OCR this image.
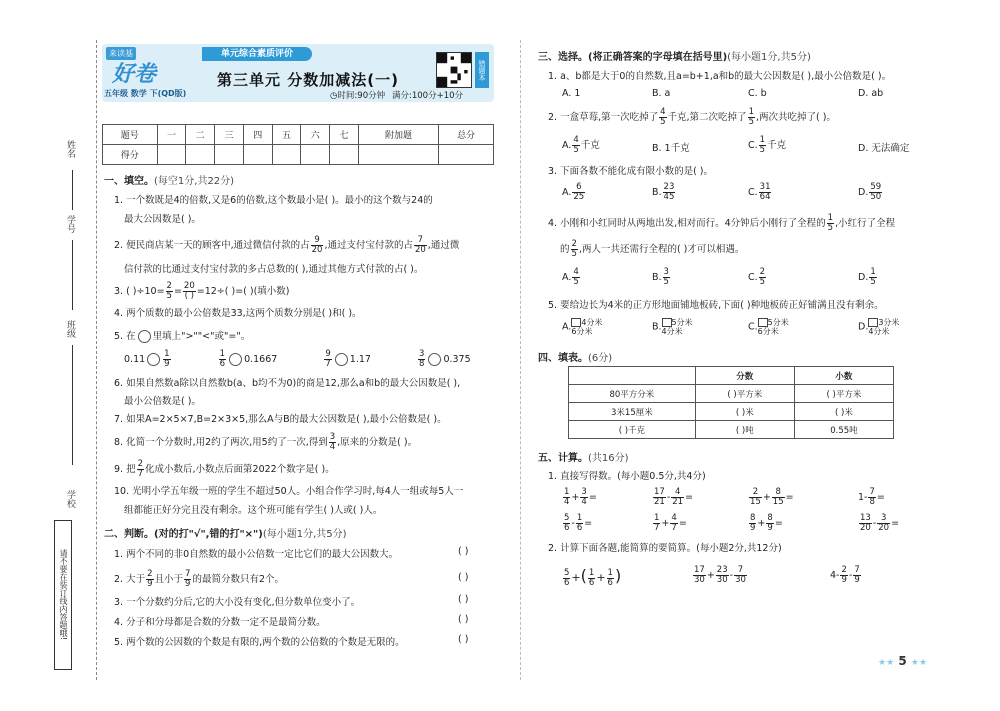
姓名
学号
班级
学校
请不要在装订线内答题哦!
来读基
好卷
五年级 数学 下(QD版)
单元综合素质评价
第三单元 分数加减法(一)
◷时间:90分钟 满分:100分+10分
错题本
题号	一	二	三	四	五	六	七	附加题	总分
得分									
一、填空。(每空1分,共22分)
1. 一个数既是4的倍数,又是6的倍数,这个数最小是( )。最小的这个数与24的
最大公因数是( )。
2. 便民商店某一天的顾客中,通过微信付款的占 $\frac{9}{20}$ ,通过支付宝付款的占 $\frac{7}{20}$ ,通过微
信付款的比通过支付宝付款的多占总数的( ),通过其他方式付款的占( )。
3. ( )$\div 10= \frac{2}{5} = 20$
( ) =12÷( )=( )(填小数)
4. 两个质数的最小公倍数是33,这两个质数分别是( )和( )。
5. 在 里填上">""<"或"="。
$0.11 \frac{1}{9}$
	$\frac{1}{6} 0.1667$	$\frac{9}{7} 1.17$	$\frac{3}{8} 0.375$
6. 如果自然数a除以自然数b(a、b均不为0)的商是12,那么a和b的最大公因数是( ),
最小公倍数是( )。
7. 如果A=2×5×7,B=2×3×5,那么A与B的最大公因数是( ),最小公倍数是( )。
8. 化简一个分数时,用2约了两次,用5约了一次,得到 $\frac{3}{4}$ ,原来的分数是( )。
9. 把 $\frac{2}{7}$ 化成小数后,小数点后面第2022个数字是( )。
10. 光明小学五年级一班的学生不超过50人。小组合作学习时,每4人一组或每5人一
组都能正好分完且没有剩余。这个班可能有学生( )人或( )人。
二、判断。(对的打"√",错的打"×")(每小题1分,共5分)
1. 两个不同的非0自然数的最小公倍数一定比它们的最大公因数大。
2. 大于 $\frac{2}{9}$ 且小于 $\frac{7}{9}$ 的最简分数只有2个。
3. 一个分数约分后,它的大小没有变化,但分数单位变小了。
4. 分子和分母都是合数的分数一定不是最简分数。
5. 两个数的公因数的个数是有限的,两个数的公倍数的个数是无限的。
( )
( )
( )
( )
( )
三、选择。(将正确答案的字母填在括号里)(每小题1分,共5分)
1. a、b都是大于0的自然数,且a=b+1,a和b的最大公因数是( ),最小公倍数是( )。
A. 1	B. a	C. b	D. ab
2. 一盒草莓,第一次吃掉了 $\frac{4}{5}$ 千克,第二次吃掉了 $\frac{1}{5}$ ,两次共吃掉了( )。
A. $\frac{4}{5}$ 千克	B. 1千克	C. $\frac{1}{5}$ 千克	D. 无法确定
3. 下面各数不能化成有限小数的是( )。
A. $\frac{6}{25}$	B. $\frac{23}{45}$	C. $\frac{31}{64}$	D. $\frac{59}{50}$
4. 小刚和小红同时从两地出发,相对而行。4分钟后小刚行了全程的 $\frac{1}{5}$ ,小红行了全程
的 $\frac{2}{5}$ ,两人一共还需行全程的( )才可以相遇。
A. $\frac{4}{5}$	B. $\frac{3}{5}$	C. $\frac{2}{5}$	D. $\frac{1}{5}$
5. 要给边长为4米的正方形地面铺地板砖,下面( )种地板砖正好铺满且没有剩余。
A. 4分米
6分米	B. 5分米
4分米	C. 5分米
6分米	D. 3分米
4分米
四、填表。(6分)
	分数	小数
80平方分米	( )平方米	( )平方米
3米15厘米	( )米	( )米
( )千克	( )吨	0.55吨
五、计算。(共16分)
1. 直接写得数。(每小题0.5分,共4分)
$\frac{1}{4} + \frac{3}{4}$ =	$\frac{17}{21} - \frac{4}{21}$ =	$\frac{2}{15} + \frac{8}{15}$ =	$1- \frac{7}{8}$ =
$\frac{5}{6} - \frac{1}{6}$ =	$\frac{1}{7} + \frac{4}{7}$ =	$\frac{8}{9} + \frac{8}{9}$ =	$\frac{13}{20} - \frac{3}{20}$ =
2. 计算下面各题,能简算的要简算。(每小题2分,共12分)
$\frac{5}{6}$ +( $\frac{1}{6} + \frac{1}{6}$ )	$\frac{17}{30} + \frac{23}{30} - \frac{7}{30}$	$4- \frac{2}{9} - \frac{7}{9}$
★★ 5 ★★
